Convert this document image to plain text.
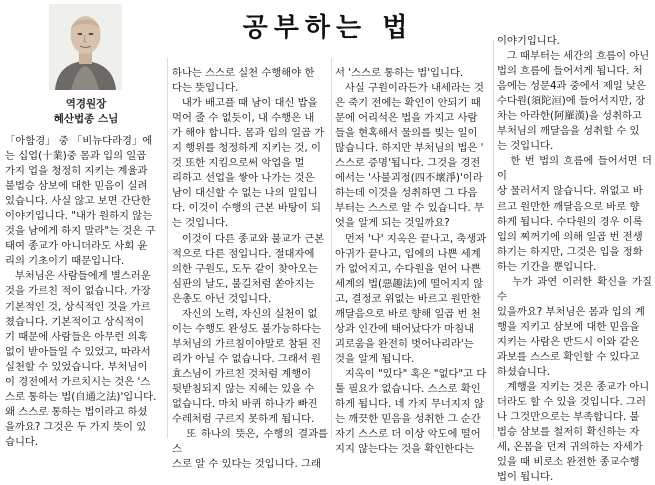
공부하는 법
역경원장
혜산법종 스님
「아함경」 중 「비뉴다라경」에
는 십업(十業)중 몸과 입의 일곱
가지 업을 청정히 지키는 계율과
불법승 삼보에 대한 믿음이 실려
있습니다. 사실 않고 보면 간단한
이야기입니다. "내가 원하지 않는
것을 남에게 하지 말라"는 것은 구
태여 종교가 아니더라도 사회 윤
리의 기초이기 때문입니다.
부처님은 사람들에게 별스러운
것을 가르친 적이 없습니다. 가장
기본적인 것, 상식적인 것을 가르
쳤습니다. 기본적이고 상식적이
기 때문에 사람들은 아무런 의혹
없이 받아들일 수 있었고, 따라서
실천할 수 있었습니다. 부처님이
이 경전에서 가르치시는 것은 '스
스로 통하는 법(自通之法)'입니다.
왜 스스로 통하는 법이라고 하셨
을까요? 그것은 두 가지 뜻이 있
습니다.
하나는 스스로 실천 수행해야 한
다는 뜻입니다.
내가 배고플 때 남이 대신 밥을
먹어 줄 수 없듯이, 내 수행은 내
가 해야 합니다. 몸과 입의 일곱 가
지 행위를 청정하게 지키는 것, 이
것 또한 지킴으로써 악업을 멀
리하고 선업을 쌓아 나가는 것은
남이 대신할 수 없는 나의 일입니
다. 이것이 수행의 근본 바탕이 되
는 것입니다.
이것이 다른 종교와 불교가 근본
적으로 다른 점입니다. 절대자에
의한 구원도, 도두 같이 찾아오는
심판의 날도, 불길처럼 쏟아지는
은총도 아닌 것입니다.
자신의 노력, 자신의 실천이 없
이는 수행도 완성도 불가능하다는
부처님의 가르침이야말로 참된 진
리가 아닐 수 없습니다. 그래서 원
효스님이 가르친 것처럼 계행이
뒷받침되지 않는 지혜는 있을 수
없습니다. 마치 바퀴 하나가 빠진
수레처럼 구르지 못하게 됩니다.
또 하나의 뜻은, 수행의 결과를 스
스로 알 수 있다는 것입니다. 그래
서 '스스로 통하는 법'입니다.
사실 구원이라든가 내세라는 것
은 죽기 전에는 확인이 안되기 때
문에 어리석은 법을 가지고 사람
들을 현혹해서 물의를 빚는 일이
많습니다. 하지만 부처님의 법은 '
스스로 증명'됩니다. 그것을 경전
에서는 '사불괴정(四不壞淨)'이라
하는데 이것을 성취하면 그 다음
부터는 스스로 알 수 있습니다. 무
엇을 알게 되는 것일까요?
먼저 '나' 지옥은 끝나고, 축생과
아귀가 끝나고, 입에의 나쁜 세계
가 없어지고, 수다원을 얻어 나쁜
세계의 법(惡趣法)에 떨어지지 않
고, 결정코 위없는 바르고 원만한
깨달음으로 바로 향해 일곱 번 천
상과 인간에 태어났다가 마침내
괴로움을 완전히 벗어나리라'는
것을 알게 됩니다.
지옥이 "있다" 혹은 "없다"고 다
툴 필요가 없습니다. 스스로 확인
하게 됩니다. 네 가지 무너지지 않
는 깨끗한 믿음을 성취한 그 순간
자기 스스로 더 이상 악도에 떨어
지지 않는다는 것을 확인한다는
이야기입니다.
그 때부터는 세간의 흐름이 아닌
법의 흐름에 들어서게 됩니다. 처
음에는 성문4과 중에서 제일 낮은
수다원(須陀洹)에 들어서지만, 장
차는 아라한(阿羅漢)을 성취하고
부처님의 깨달음을 성취할 수 있
는 것입니다.
한 번 법의 흐름에 들어서면 더 이
상 물러서지 않습니다. 위없고 바
르고 원만한 깨달음으로 바로 향
하게 됩니다. 수다원의 경우 이록
입의 찌꺼기에 의해 일곱 번 전생
하기는 하지만, 그것은 입을 정화
하는 기간을 뿐입니다.
누가 과연 이러한 확신을 가질 수
있을까요? 부처님은 몸과 입의 계
행을 지키고 삼보에 대한 믿음을
지키는 사람은 반드시 이와 같은
과보를 스스로 확인할 수 있다고
하셨습니다.
계행을 지키는 것은 종교가 아니
더라도 할 수 있을 것입니다. 그러
나 그것만으로는 부족합니다. 불
법승 삼보를 철저히 확신하는 자
세, 온몸을 던져 귀의하는 자세가
있을 때 비로소 완전한 종교수행
법이 됩니다.
